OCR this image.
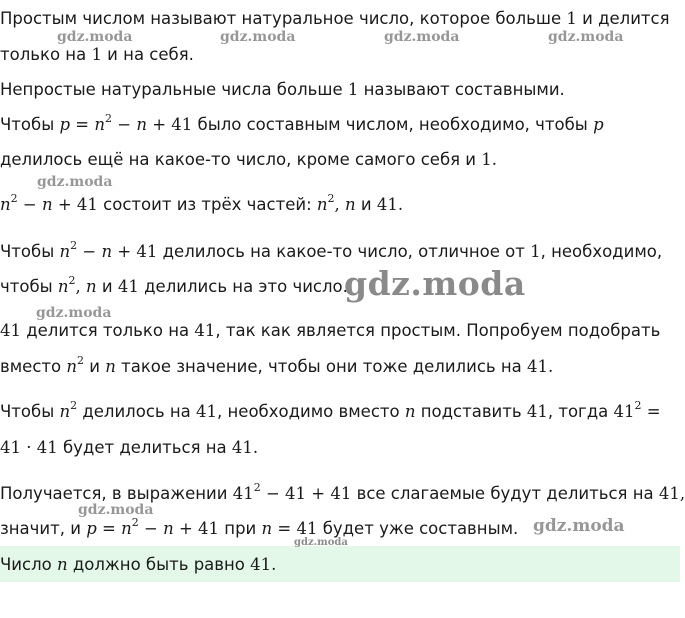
Простым числом называют натуральное число, которое больше 1 и делится
только на 1 и на себя.
gdz.moda	gdz.moda	gdz.moda	gdz.moda
Непростые натуральные числа больше 1 называют составными.
Чтобы $p = n^2 - n + 41$ было составным числом, необходимо, чтобы p
делилось ещё на какое-то число, кроме самого себя и 1.
gdz.moda
$n^2 - n + 41$ состоит из трёх частей: $n^2$, n и 41.
Чтобы $n^2 - n + 41$ делилось на какое-то число, отличное от 1, необходимо,
чтобы $n^2$, n и 41 делились на это число.
gdz.moda
gdz.moda
41 делится только на 41, так как является простым. Попробуем подобрать
вместо $n^2$ и n такое значение, чтобы они тоже делились на 41.
Чтобы $n^2$ делилось на 41, необходимо вместо n подставить 41, тогда $41^2$ =
41 · 41 будет делиться на 41.
Получается, в выражении $41^2 - 41 + 41$ все слагаемые будут делиться на 41,
gdz.moda
значит, и $p = n^2 - n + 41$ при n = 41 будет уже составным. gdz.moda
gdz.moda
Число n должно быть равно 41.
